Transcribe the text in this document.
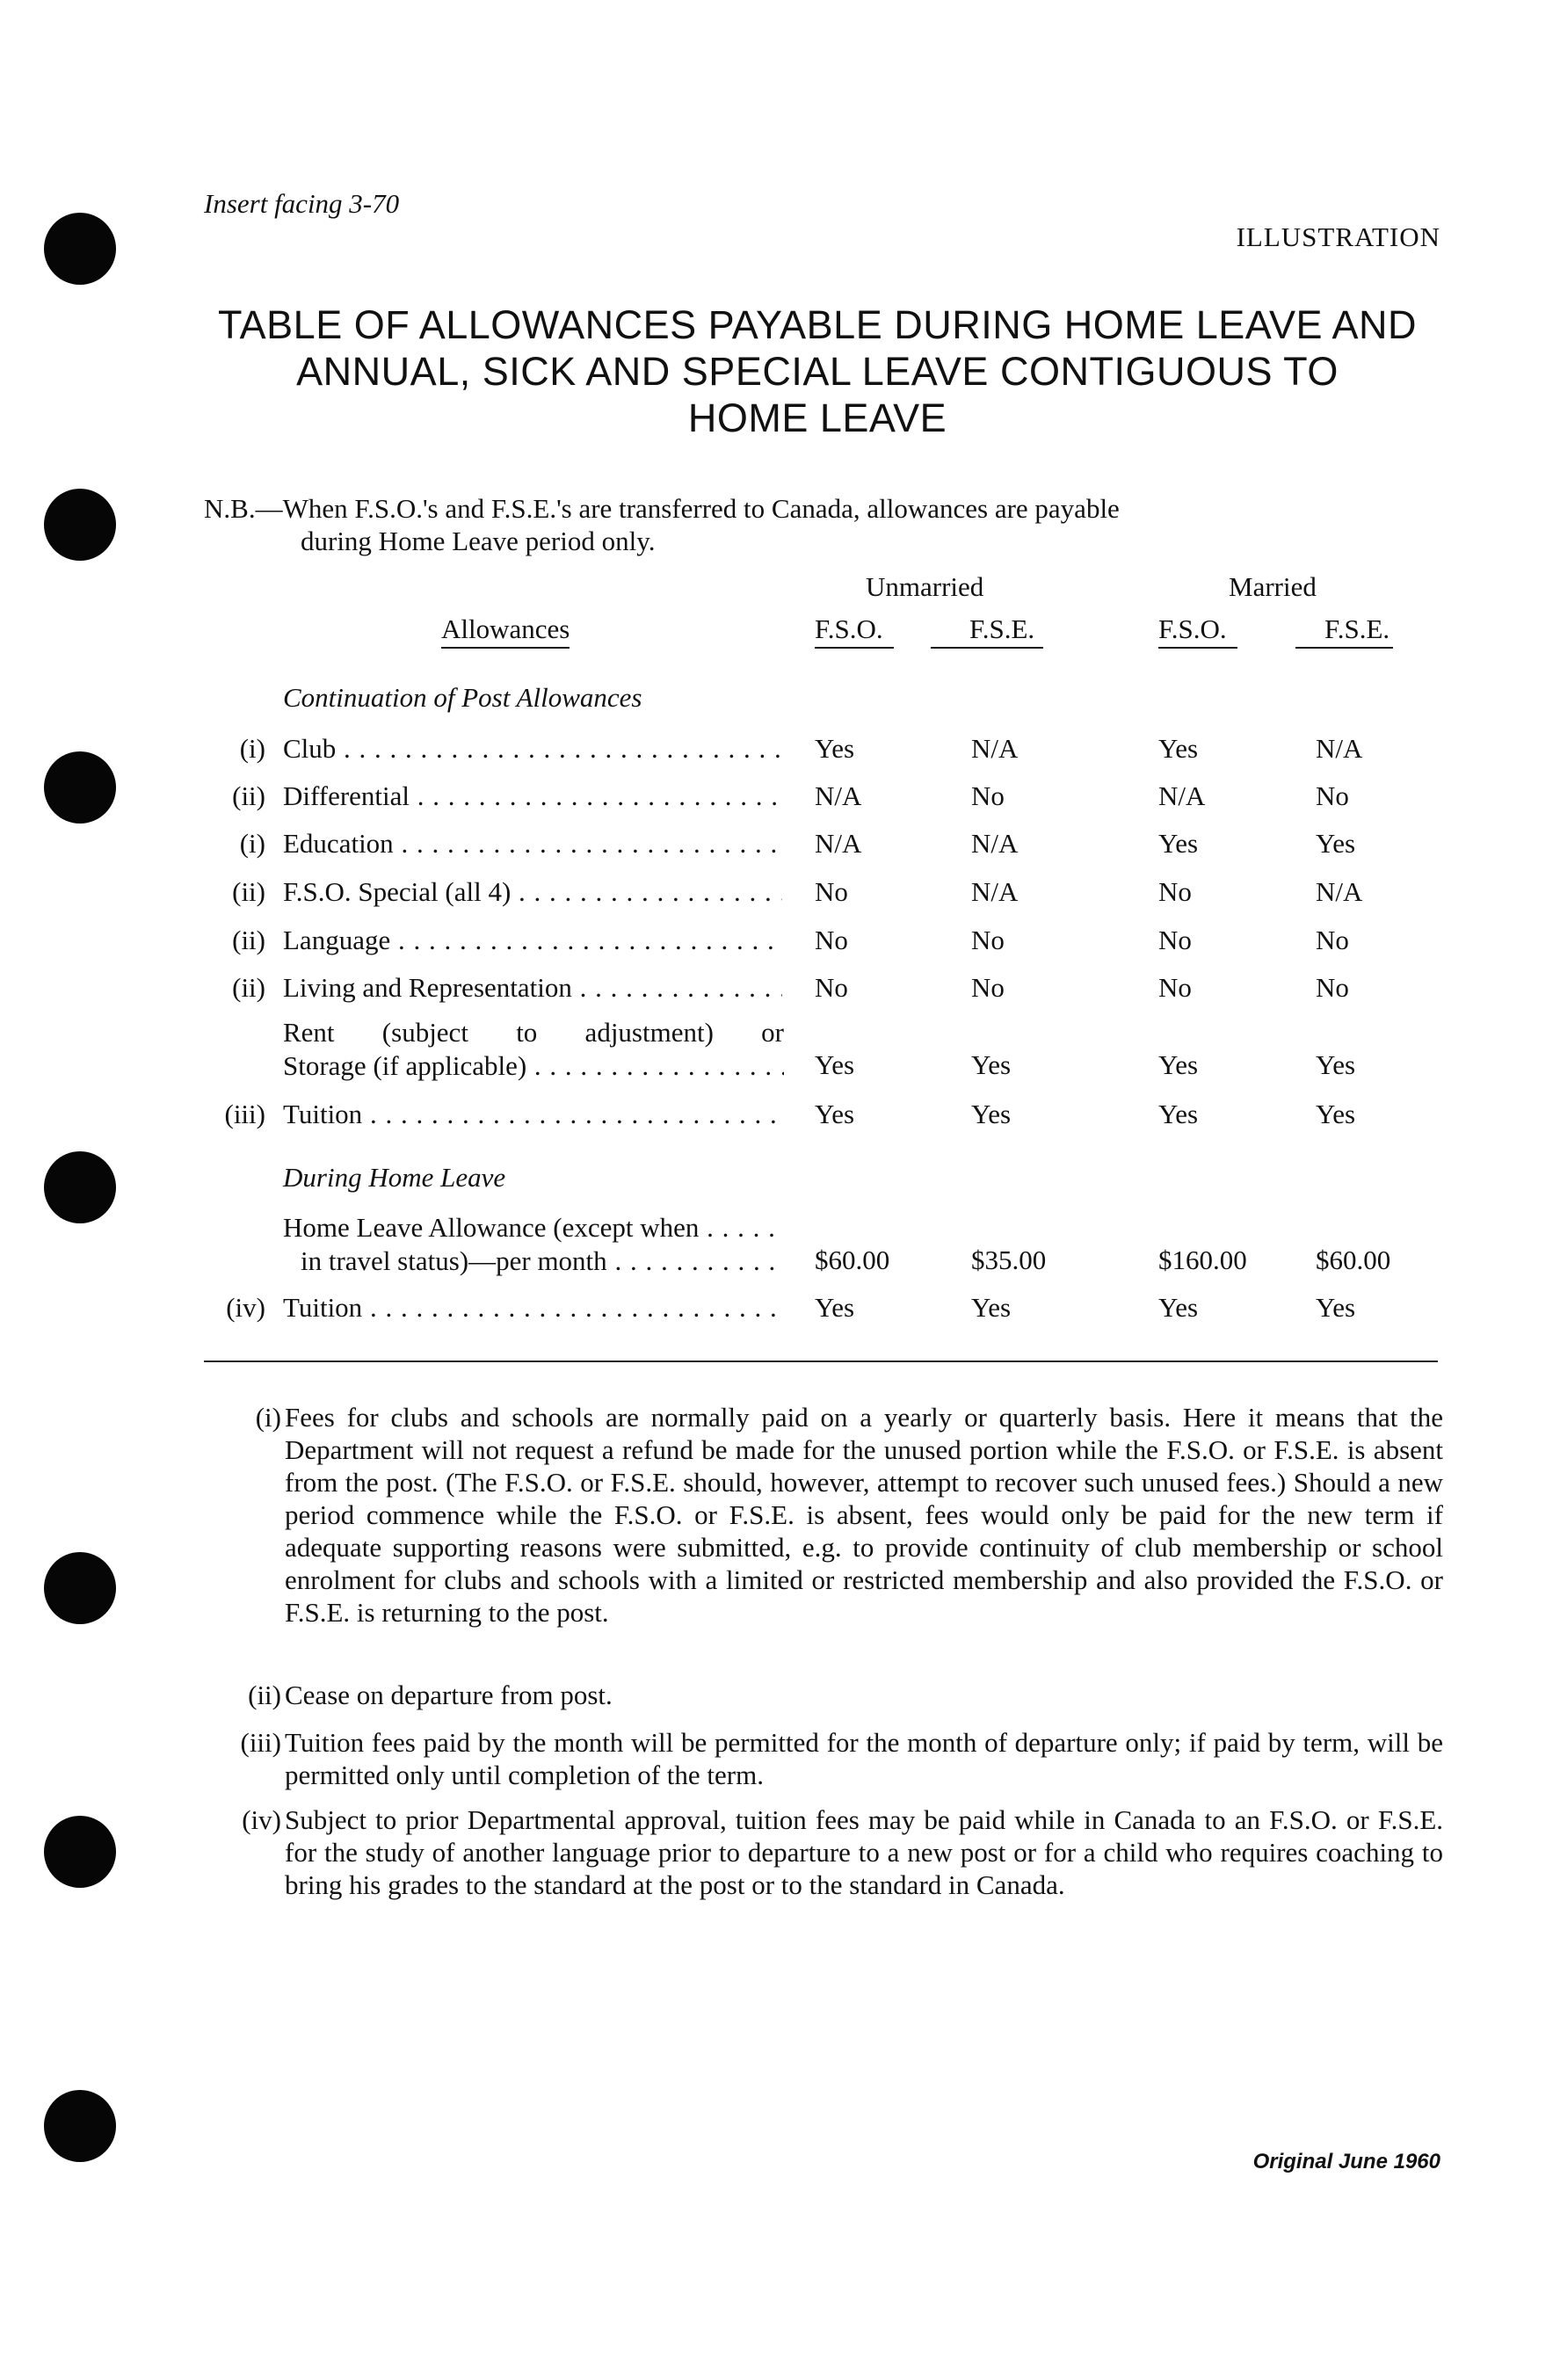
Insert facing 3-70
ILLUSTRATION
TABLE OF ALLOWANCES PAYABLE DURING HOME LEAVE AND
ANNUAL, SICK AND SPECIAL LEAVE CONTIGUOUS TO
HOME LEAVE
N.B.—When F.S.O.'s and F.S.E.'s are transferred to Canada, allowances are payable
during Home Leave period only.
Unmarried	Married
Allowances	F.S.O.	F.S.E.	F.S.O.	F.S.E.
Continuation of Post Allowances
(i) Club . . .	Yes	N/A	Yes	N/A
(ii) Differential . . .	N/A	No	N/A	No
(i) Education . . .	N/A	N/A	Yes	Yes
(ii) F.S.O. Special (all 4) . . .	No	N/A	No	N/A
(ii) Language . . .	No	No	No	No
(ii) Living and Representation . . .	No	No	No	No
Rent (subject to adjustment) or
Storage (if applicable) . . .	Yes	Yes	Yes	Yes
(iii) Tuition . . .	Yes	Yes	Yes	Yes
During Home Leave
Home Leave Allowance (except when . . .
in travel status)—per month . . .	$60.00	$35.00	$160.00	$60.00
(iv) Tuition . . .	Yes	Yes	Yes	Yes
(i) Fees for clubs and schools are normally paid on a yearly or quarterly basis. Here it means that the Department will not request a refund be made for the unused portion while the F.S.O. or F.S.E. is absent from the post. (The F.S.O. or F.S.E. should, however, attempt to recover such unused fees.) Should a new period commence while the F.S.O. or F.S.E. is absent, fees would only be paid for the new term if adequate supporting reasons were submitted, e.g. to provide continuity of club membership or school enrolment for clubs and schools with a limited or restricted membership and also provided the F.S.O. or F.S.E. is returning to the post.
(ii) Cease on departure from post.
(iii) Tuition fees paid by the month will be permitted for the month of departure only; if paid by term, will be permitted only until completion of the term.
(iv) Subject to prior Departmental approval, tuition fees may be paid while in Canada to an F.S.O. or F.S.E. for the study of another language prior to departure to a new post or for a child who requires coaching to bring his grades to the standard at the post or to the standard in Canada.
Original June 1960
